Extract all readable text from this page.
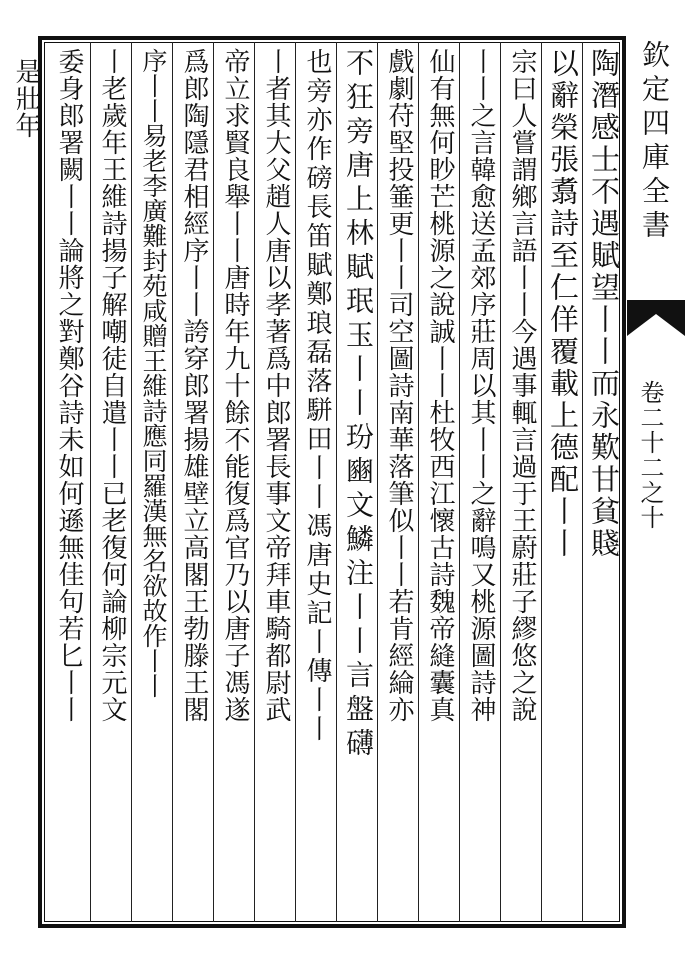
欽定四庫全書
卷二十二之十
陶潛感士不遇賦望丨丨而永歎甘貧賤
以辭榮張翥詩至仁佯覆載上德配丨丨
宗曰人嘗謂鄉言語丨丨今遇事輒言過于王蔚莊子繆悠之說
丨丨之言韓愈送孟郊序莊周以其丨丨之辭鳴又桃源圖詩神
仙有無何眇芒桃源之說誠丨丨杜牧西江懷古詩魏帝縫囊真
戲劇苻堅投箠更丨丨司空圖詩南華落筆似丨丨若肯經綸亦
不狂旁唐上林賦珉玉丨丨玢豳文鱗注丨丨言盤礴
也旁亦作磅長笛賦鄭琅磊落駢田丨丨馮唐史記丨傳丨丨
丨者其大父趙人唐以孝著爲中郎署長事文帝拜車騎都尉武
帝立求賢良舉丨丨唐時年九十餘不能復爲官乃以唐子馮遂
爲郎陶隱君相經序丨丨誇穿郎署揚雄壁立高閣王勃滕王閣
序丨丨易老李廣難封苑咸贈王維詩應同羅漢無名欲故作丨丨
丨老歲年王維詩揚子解嘲徒自遣丨丨已老復何論柳宗元文
委身郎署闕丨丨論將之對鄭谷詩未如何遜無佳句若匕丨丨
是壯年
